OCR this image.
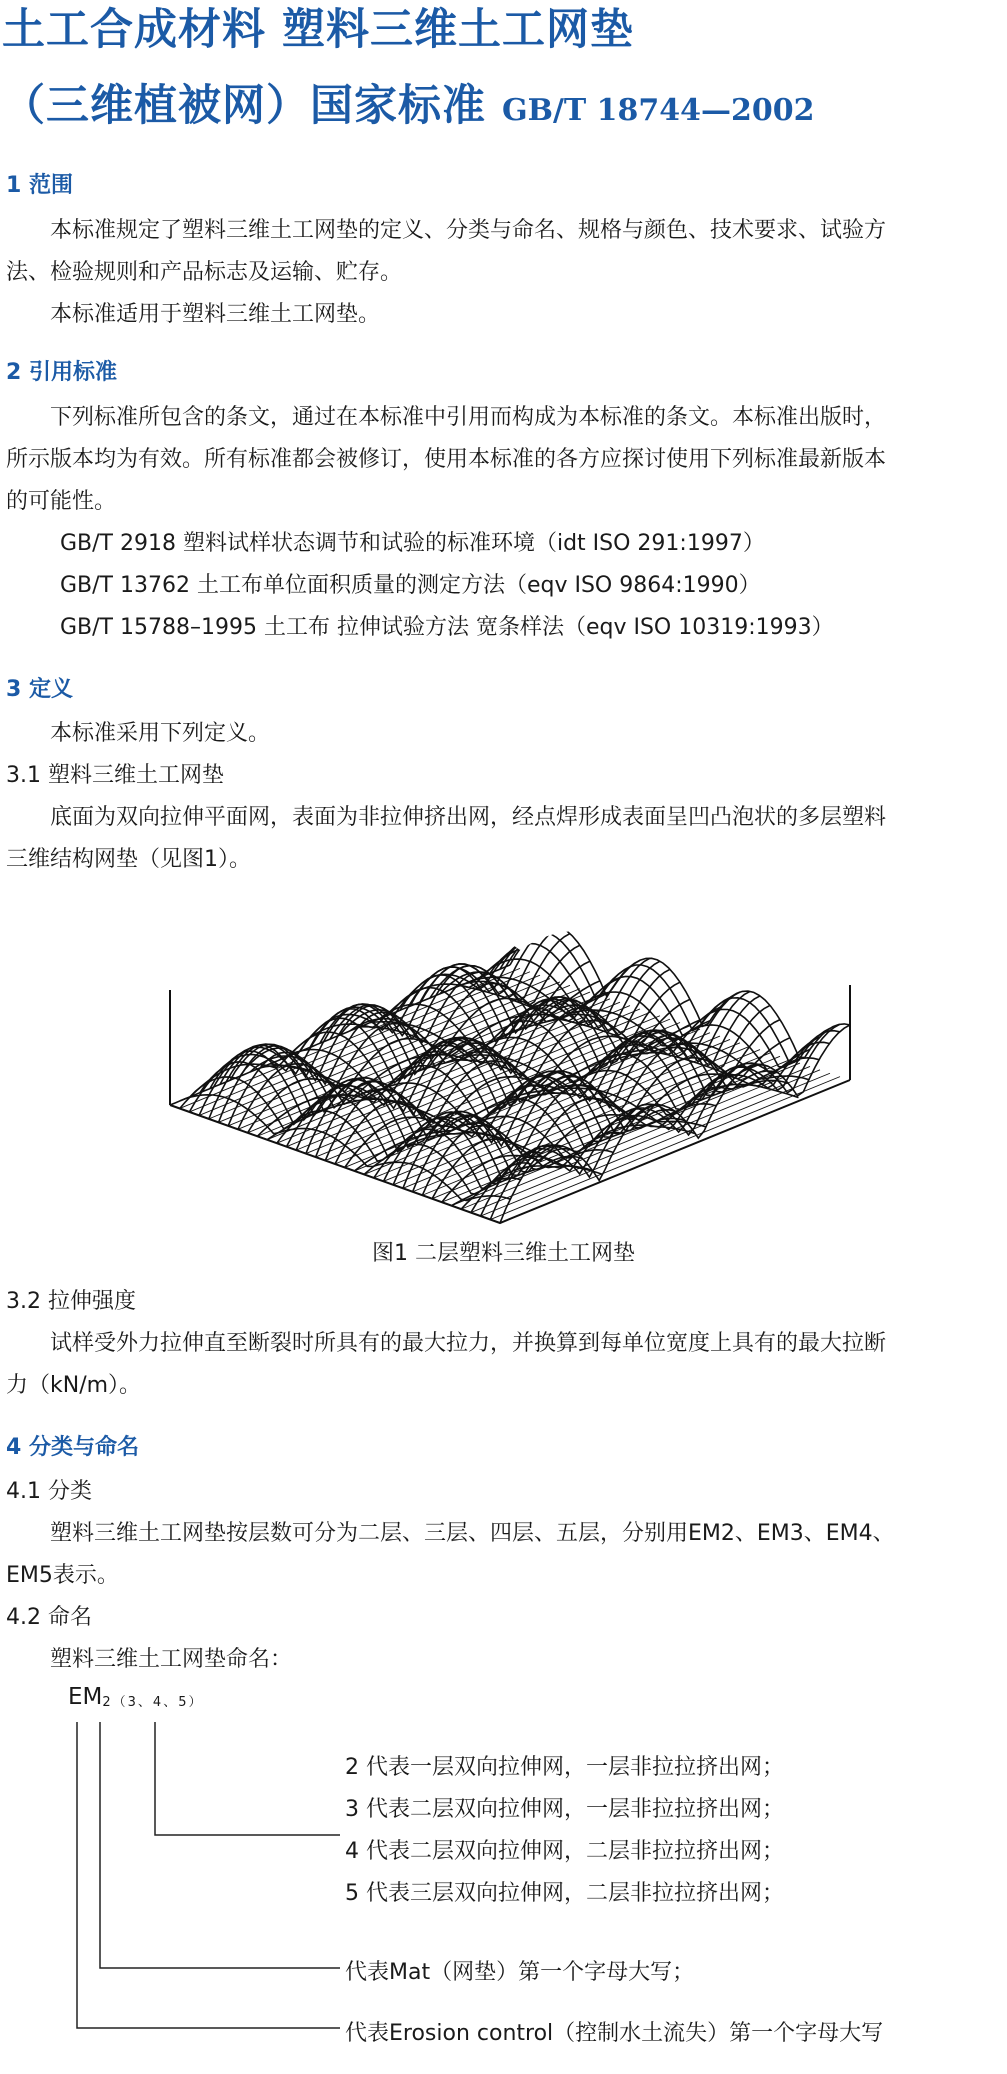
土工合成材料 塑料三维土工网垫
（三维植被网）国家标准 GB/T 18744—2002
1 范围
本标准规定了塑料三维土工网垫的定义、分类与命名、规格与颜色、技术要求、试验方
法、检验规则和产品标志及运输、贮存。
本标准适用于塑料三维土工网垫。
2 引用标准
下列标准所包含的条文，通过在本标准中引用而构成为本标准的条文。本标准出版时，
所示版本均为有效。所有标准都会被修订，使用本标准的各方应探讨使用下列标准最新版本
的可能性。
GB/T 2918 塑料试样状态调节和试验的标准环境（idt ISO 291:1997）
GB/T 13762 土工布单位面积质量的测定方法（eqv ISO 9864:1990）
GB/T 15788–1995 土工布 拉伸试验方法 宽条样法（eqv ISO 10319:1993）
3 定义
本标准采用下列定义。
3.1 塑料三维土工网垫
底面为双向拉伸平面网，表面为非拉伸挤出网，经点焊形成表面呈凹凸泡状的多层塑料
三维结构网垫（见图1）。
图1 二层塑料三维土工网垫
3.2 拉伸强度
试样受外力拉伸直至断裂时所具有的最大拉力，并换算到每单位宽度上具有的最大拉断
力（kN/m）。
4 分类与命名
4.1 分类
塑料三维土工网垫按层数可分为二层、三层、四层、五层，分别用EM2、EM3、EM4、
EM5表示。
4.2 命名
塑料三维土工网垫命名：
$EM_{2(3、4、5)}$
2 代表一层双向拉伸网，一层非拉拉挤出网；
3 代表二层双向拉伸网，一层非拉拉挤出网；
4 代表二层双向拉伸网，二层非拉拉挤出网；
5 代表三层双向拉伸网，二层非拉拉挤出网；
代表Mat（网垫）第一个字母大写；
代表Erosion control（控制水土流失）第一个字母大写
